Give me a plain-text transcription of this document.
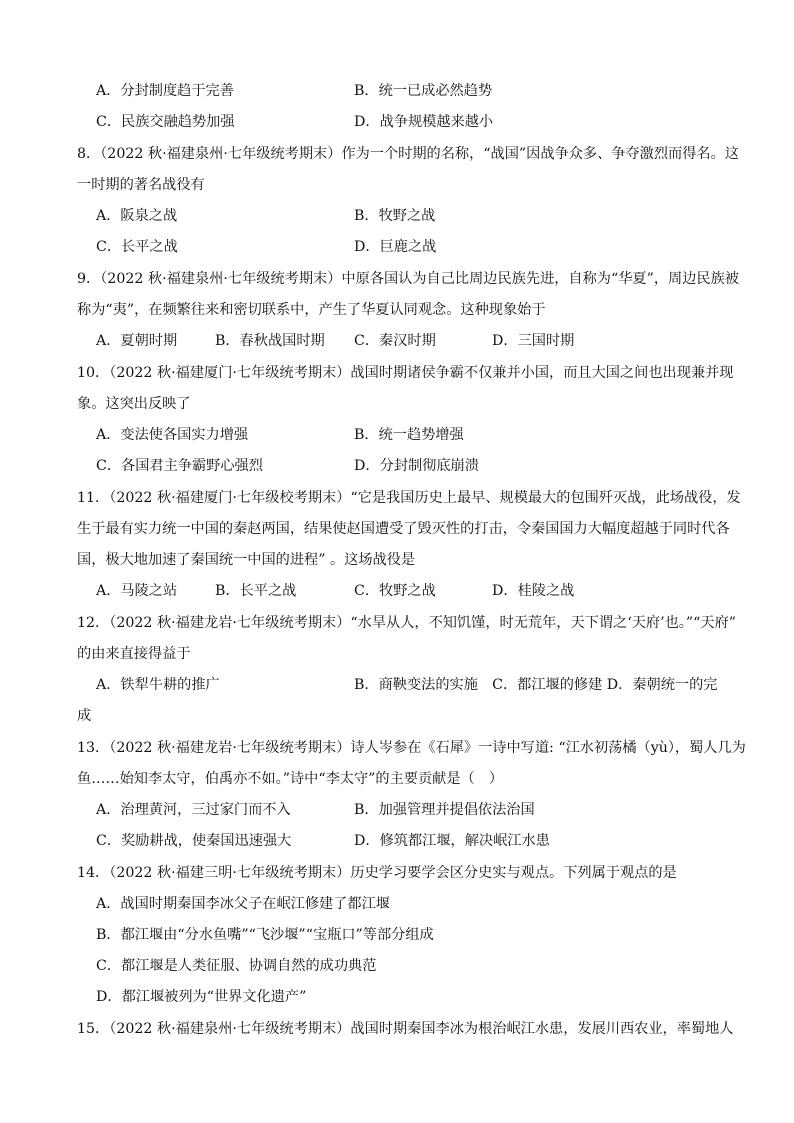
A．分封制度趋于完善	B．统一已成必然趋势
C．民族交融趋势加强	D．战争规模越来越小
8．（2022 秋·福建泉州·七年级统考期末）作为一个时期的名称，“战国”因战争众多、争夺激烈而得名。这
一时期的著名战役有
A．阪泉之战	B．牧野之战
C．长平之战	D．巨鹿之战
9．（2022 秋·福建泉州·七年级统考期末）中原各国认为自己比周边民族先进，自称为“华夏”，周边民族被
称为“夷”，在频繁往来和密切联系中，产生了华夏认同观念。这种现象始于
A．夏朝时期	B．春秋战国时期 C．秦汉时期	D．三国时期
10．（2022 秋·福建厦门·七年级统考期末）战国时期诸侯争霸不仅兼并小国，而且大国之间也出现兼并现
象。这突出反映了
A．变法使各国实力增强	B．统一趋势增强
C．各国君主争霸野心强烈	D．分封制彻底崩溃
11．（2022 秋·福建厦门·七年级校考期末）“它是我国历史上最早、规模最大的包围歼灭战，此场战役，发
生于最有实力统一中国的秦赵两国，结果使赵国遭受了毁灭性的打击，令秦国国力大幅度超越于同时代各
国，极大地加速了秦国统一中国的进程” 。这场战役是
A．马陵之站	B．长平之战	C．牧野之战	D．桂陵之战
12．（2022 秋·福建龙岩·七年级统考期末）“水旱从人，不知饥馑，时无荒年，天下谓之‘天府’也。”“天府”
的由来直接得益于
A．铁犁牛耕的推广	B．商鞅变法的实施　C．都江堰的修建 D．秦朝统一的完
成
13．（2022 秋·福建龙岩·七年级统考期末）诗人岑参在《石犀》一诗中写道: “江水初荡橘（yù），蜀人几为
鱼……始知李太守，伯禹亦不如。”诗中“李太守”的主要贡献是（　）
A．治理黄河，三过家门而不入	B．加强管理并提倡依法治国
C．奖励耕战，使秦国迅速强大	D．修筑都江堰，解决岷江水患
14．（2022 秋·福建三明·七年级统考期末）历史学习要学会区分史实与观点。下列属于观点的是
A．战国时期秦国李冰父子在岷江修建了都江堰
B．都江堰由“分水鱼嘴”“飞沙堰”“宝瓶口”等部分组成
C．都江堰是人类征服、协调自然的成功典范
D．都江堰被列为“世界文化遗产”
15．（2022 秋·福建泉州·七年级统考期末）战国时期秦国李冰为根治岷江水患，发展川西农业，率蜀地人
